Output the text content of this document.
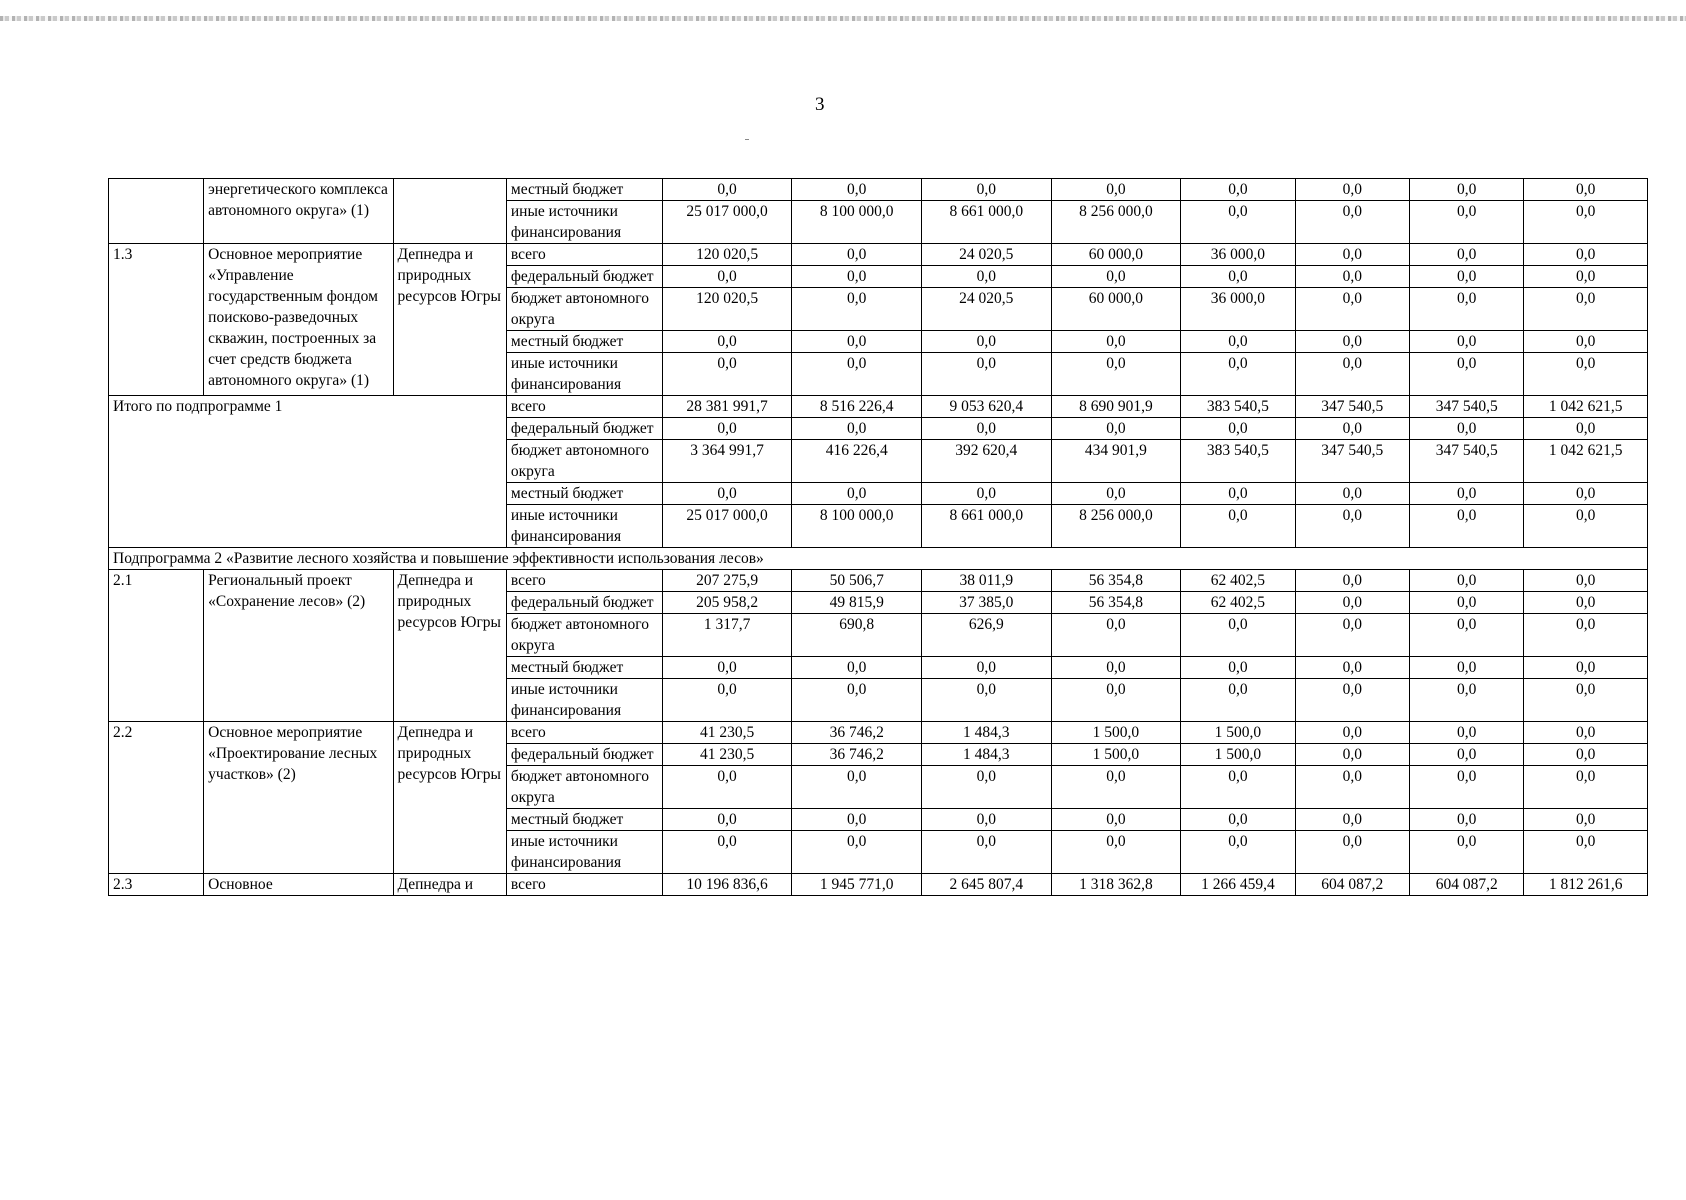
3
	энергетического комплекса автономного округа» (1)		местный бюджет	0,0	0,0	0,0	0,0	0,0	0,0	0,0	0,0
			иные источники финансирования	25 017 000,0	8 100 000,0	8 661 000,0	8 256 000,0	0,0	0,0	0,0	0,0
1.3	Основное мероприятие «Управление государственным фондом поисково-разведочных скважин, построенных за счет средств бюджета автономного округа» (1)	Депнедра и природных ресурсов Югры	всего	120 020,5	0,0	24 020,5	60 000,0	36 000,0	0,0	0,0	0,0
			федеральный бюджет	0,0	0,0	0,0	0,0	0,0	0,0	0,0	0,0
			бюджет автономного округа	120 020,5	0,0	24 020,5	60 000,0	36 000,0	0,0	0,0	0,0
			местный бюджет	0,0	0,0	0,0	0,0	0,0	0,0	0,0	0,0
			иные источники финансирования	0,0	0,0	0,0	0,0	0,0	0,0	0,0	0,0
Итого по подпрограмме 1			всего	28 381 991,7	8 516 226,4	9 053 620,4	8 690 901,9	383 540,5	347 540,5	347 540,5	1 042 621,5
			федеральный бюджет	0,0	0,0	0,0	0,0	0,0	0,0	0,0	0,0
			бюджет автономного округа	3 364 991,7	416 226,4	392 620,4	434 901,9	383 540,5	347 540,5	347 540,5	1 042 621,5
			местный бюджет	0,0	0,0	0,0	0,0	0,0	0,0	0,0	0,0
			иные источники финансирования	25 017 000,0	8 100 000,0	8 661 000,0	8 256 000,0	0,0	0,0	0,0	0,0
Подпрограмма 2 «Развитие лесного хозяйства и повышение эффективности использования лесов»											
2.1	Региональный проект «Сохранение лесов» (2)	Депнедра и природных ресурсов Югры	всего	207 275,9	50 506,7	38 011,9	56 354,8	62 402,5	0,0	0,0	0,0
			федеральный бюджет	205 958,2	49 815,9	37 385,0	56 354,8	62 402,5	0,0	0,0	0,0
			бюджет автономного округа	1 317,7	690,8	626,9	0,0	0,0	0,0	0,0	0,0
			местный бюджет	0,0	0,0	0,0	0,0	0,0	0,0	0,0	0,0
			иные источники финансирования	0,0	0,0	0,0	0,0	0,0	0,0	0,0	0,0
2.2	Основное мероприятие «Проектирование лесных участков» (2)	Депнедра и природных ресурсов Югры	всего	41 230,5	36 746,2	1 484,3	1 500,0	1 500,0	0,0	0,0	0,0
			федеральный бюджет	41 230,5	36 746,2	1 484,3	1 500,0	1 500,0	0,0	0,0	0,0
			бюджет автономного округа	0,0	0,0	0,0	0,0	0,0	0,0	0,0	0,0
			местный бюджет	0,0	0,0	0,0	0,0	0,0	0,0	0,0	0,0
			иные источники финансирования	0,0	0,0	0,0	0,0	0,0	0,0	0,0	0,0
2.3	Основное	Депнедра и	всего	10 196 836,6	1 945 771,0	2 645 807,4	1 318 362,8	1 266 459,4	604 087,2	604 087,2	1 812 261,6
